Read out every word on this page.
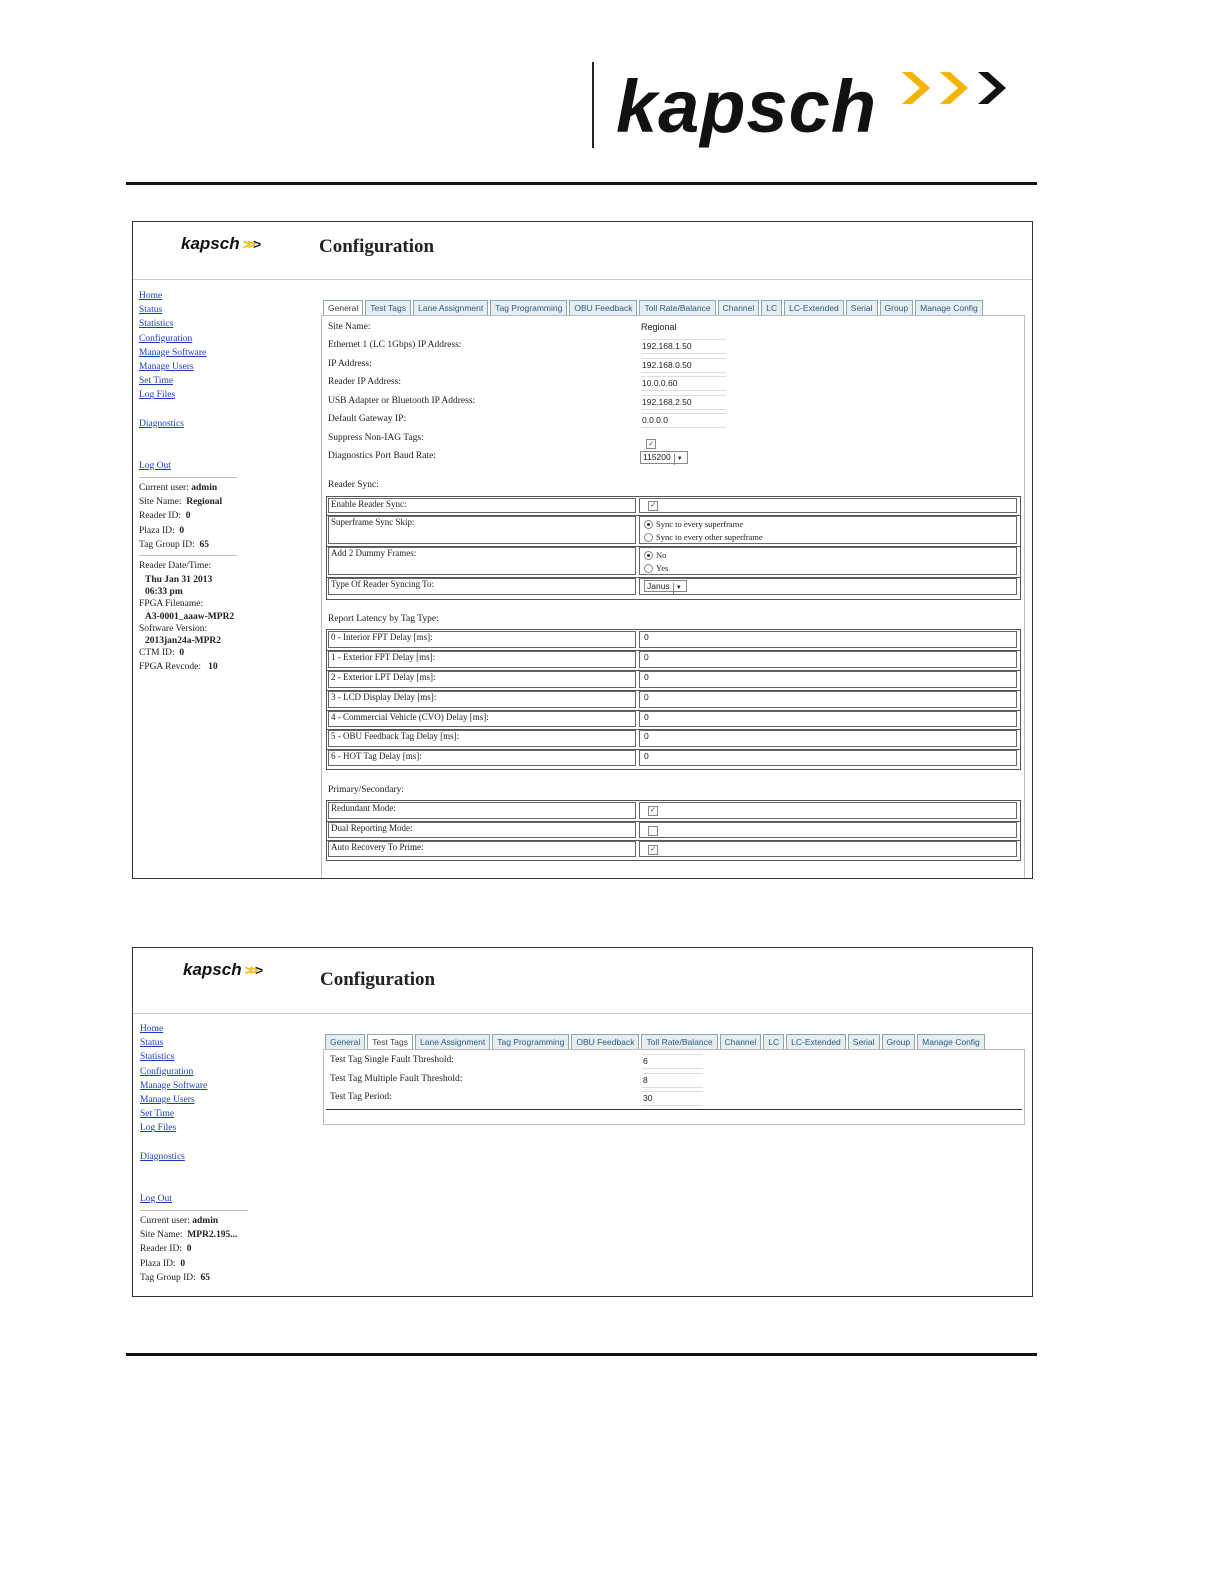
kapsch
kapsch >>>	Configuration
Home
Status
Statistics
Configuration
Manage Software
Manage Users
Set Time
Log Files
Diagnostics
Log Out
Current user: admin
Site Name: Regional
Reader ID: 0
Plaza ID: 0
Tag Group ID: 65
Reader Date/Time:
Thu Jan 31 2013
06:33 pm
FPGA Filename:
A3-0001_aaaw-MPR2
Software Version:
2013jan24a-MPR2
CTM ID: 0
FPGA Revcode: 10
General	Test Tags	Lane Assignment	Tag Programming	OBU Feedback	Toll Rate/Balance	Channel	LC	LC-Extended	Serial	Group	Manage Config
Site Name:	Regional
Ethernet 1 (LC 1Gbps) IP Address:	192.168.1.50
IP Address:	192.168.0.50
Reader IP Address:	10.0.0.60
USB Adapter or Bluetooth IP Address:	192.168.2.50
Default Gateway IP:	0.0.0.0
Suppress Non-IAG Tags:
✓
Diagnostics Port Baud Rate:	115200 ▼
Reader Sync:
Enable Reader Sync:	✓
Superframe Sync Skip:	Sync to every superframe
Sync to every other superframe
Add 2 Dummy Frames:	No
Yes
Type Of Reader Syncing To:	Janus ▼
Report Latency by Tag Type:
0 - Interior FPT Delay [ms]:	0
1 - Exterior FPT Delay [ms]:	0
2 - Exterior LPT Delay [ms]:	0
3 - LCD Display Delay [ms]:	0
4 - Commercial Vehicle (CVO) Delay [ms]:	0
5 - OBU Feedback Tag Delay [ms]:	0
6 - HOT Tag Delay [ms]:	0
Primary/Secondary:
Redundant Mode:	✓
Dual Reporting Mode:
Auto Recovery To Prime:	✓
kapsch >>>	Configuration
Home
Status
Statistics
Configuration
Manage Software
Manage Users
Set Time
Log Files
Diagnostics
Log Out
Current user: admin
Site Name: MPR2.195...
Reader ID: 0
Plaza ID: 0
Tag Group ID: 65
General	Test Tags	Lane Assignment	Tag Programming	OBU Feedback	Toll Rate/Balance	Channel	LC	LC-Extended	Serial	Group	Manage Config
Test Tag Single Fault Threshold:	6
Test Tag Multiple Fault Threshold:	8
Test Tag Period:	30
